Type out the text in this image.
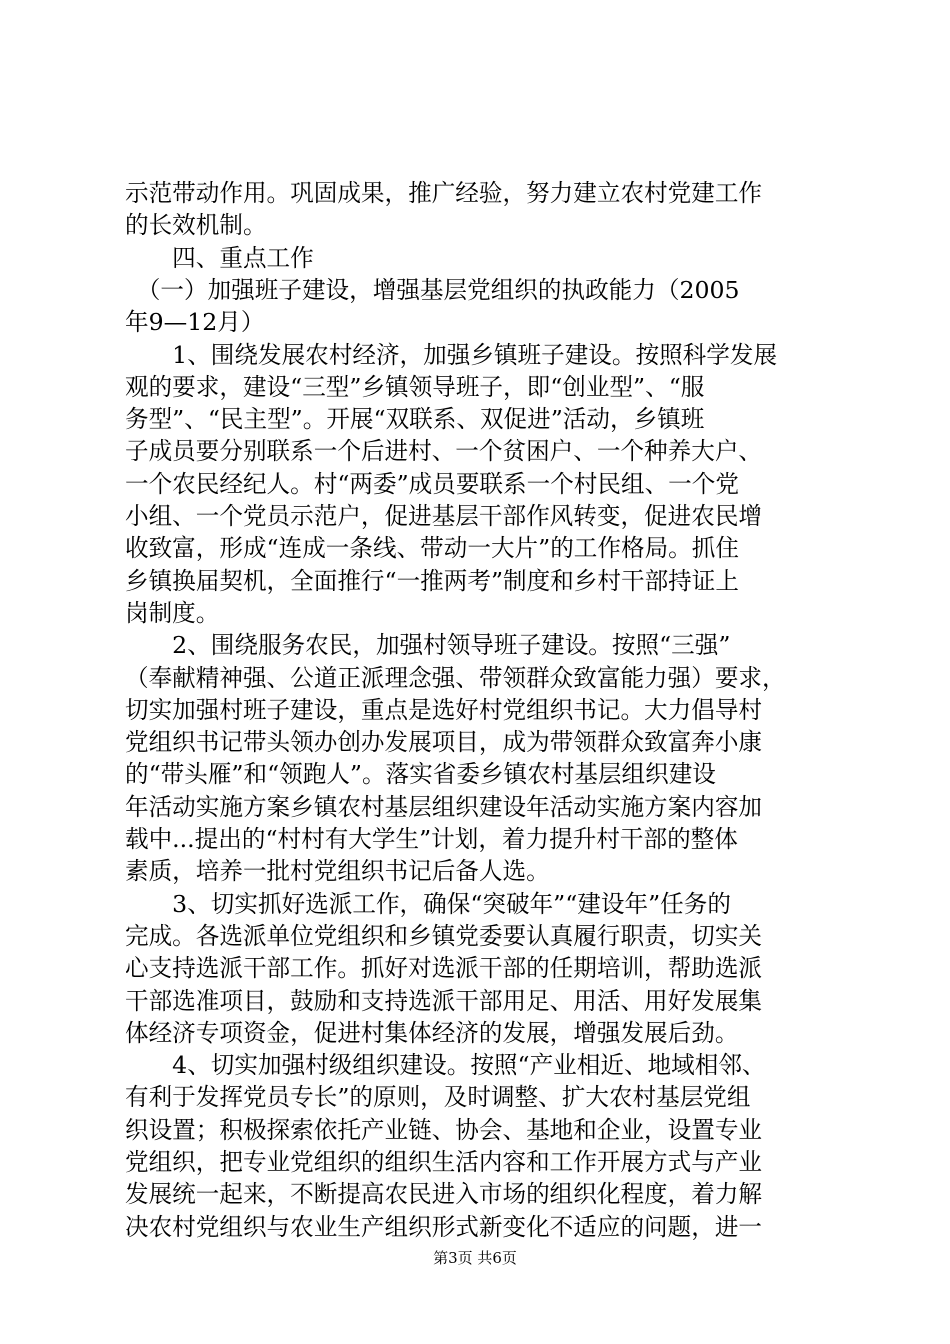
示范带动作用。巩固成果，推广经验，努力建立农村党建工作
的长效机制。
　　四、重点工作
　（一）加强班子建设，增强基层党组织的执政能力（2005
年9—12月）
　　1、围绕发展农村经济，加强乡镇班子建设。按照科学发展
观的要求，建设“三型”乡镇领导班子，即“创业型”、“服
务型”、“民主型”。开展“双联系、双促进”活动，乡镇班
子成员要分别联系一个后进村、一个贫困户、一个种养大户、
一个农民经纪人。村“两委”成员要联系一个村民组、一个党
小组、一个党员示范户，促进基层干部作风转变，促进农民增
收致富，形成“连成一条线、带动一大片”的工作格局。抓住
乡镇换届契机，全面推行“一推两考”制度和乡村干部持证上
岗制度。
　　2、围绕服务农民，加强村领导班子建设。按照“三强”
（奉献精神强、公道正派理念强、带领群众致富能力强）要求，
切实加强村班子建设，重点是选好村党组织书记。大力倡导村
党组织书记带头领办创办发展项目，成为带领群众致富奔小康
的“带头雁”和“领跑人”。落实省委乡镇农村基层组织建设
年活动实施方案乡镇农村基层组织建设年活动实施方案内容加
载中...提出的“村村有大学生”计划，着力提升村干部的整体
素质，培养一批村党组织书记后备人选。
　　3、切实抓好选派工作，确保“突破年”“建设年”任务的
完成。各选派单位党组织和乡镇党委要认真履行职责，切实关
心支持选派干部工作。抓好对选派干部的任期培训，帮助选派
干部选准项目，鼓励和支持选派干部用足、用活、用好发展集
体经济专项资金，促进村集体经济的发展，增强发展后劲。
　　4、切实加强村级组织建设。按照“产业相近、地域相邻、
有利于发挥党员专长”的原则，及时调整、扩大农村基层党组
织设置；积极探索依托产业链、协会、基地和企业，设置专业
党组织，把专业党组织的组织生活内容和工作开展方式与产业
发展统一起来，不断提高农民进入市场的组织化程度，着力解
决农村党组织与农业生产组织形式新变化不适应的问题，进一
第3页 共6页
